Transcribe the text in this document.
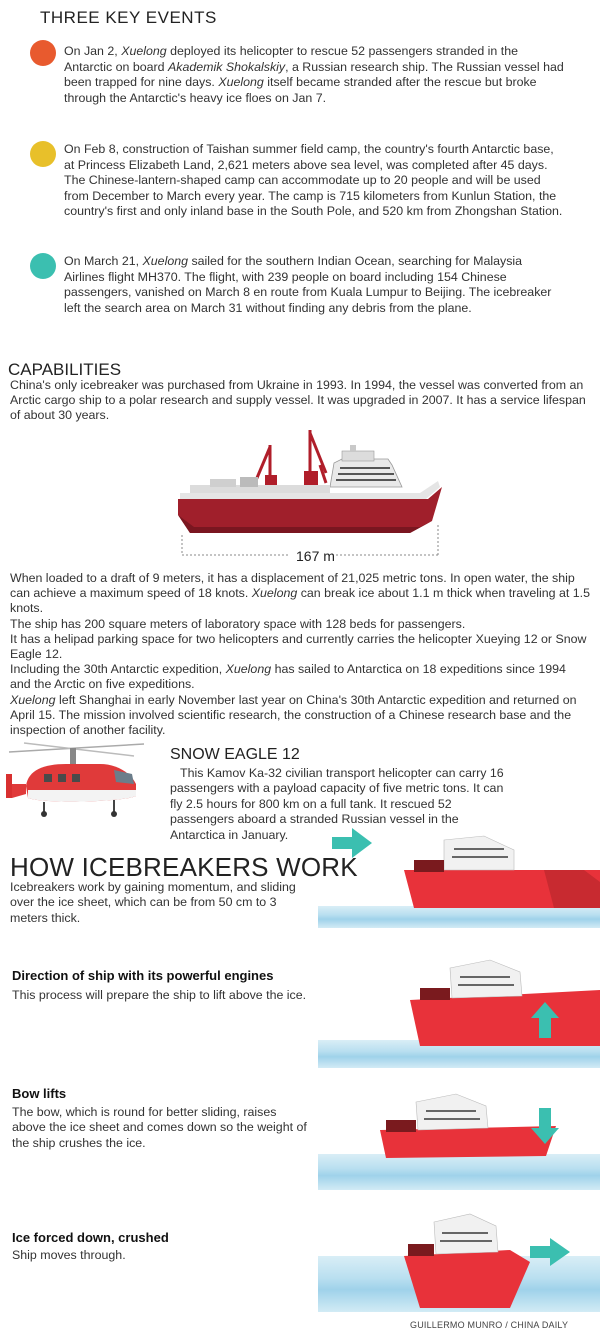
THREE KEY EVENTS
On Jan 2, Xuelong deployed its helicopter to rescue 52 passengers stranded in the Antarctic on board Akademik Shokalskiy, a Russian research ship. The Russian vessel had been trapped for nine days. Xuelong itself became stranded after the rescue but broke through the Antarctic's heavy ice floes on Jan 7.
On Feb 8, construction of Taishan summer field camp, the country's fourth Antarctic base, at Princess Elizabeth Land, 2,621 meters above sea level, was completed after 45 days. The Chinese-lantern-shaped camp can accommodate up to 20 people and will be used from December to March every year. The camp is 715 kilometers from Kunlun Station, the country's first and only inland base in the South Pole, and 520 km from Zhongshan Station.
On March 21, Xuelong sailed for the southern Indian Ocean, searching for Malaysia Airlines flight MH370. The flight, with 239 people on board including 154 Chinese passengers, vanished on March 8 en route from Kuala Lumpur to Beijing. The icebreaker left the search area on March 31 without finding any debris from the plane.
CAPABILITIES
China's only icebreaker was purchased from Ukraine in 1993. In 1994, the vessel was converted from an Arctic cargo ship to a polar research and supply vessel. It was upgraded in 2007. It has a service lifespan of about 30 years.
167 m

When loaded to a draft of 9 meters, it has a displacement of 21,025 metric tons. In open water, the ship can achieve a maximum speed of 18 knots. Xuelong can break ice about 1.1 m thick when traveling at 1.5 knots.

The ship has 200 square meters of laboratory space with 128 beds for passengers.

It has a helipad parking space for two helicopters and currently carries the helicopter Xueying 12 or Snow Eagle 12.

Including the 30th Antarctic expedition, Xuelong has sailed to Antarctica on 18 expeditions since 1994 and the Arctic on five expeditions.

Xuelong left Shanghai in early November last year on China's 30th Antarctic expedition and returned on April 15. The mission involved scientific research, the construction of a Chinese research base and the inspection of another facility.

SNOW EAGLE 12
This Kamov Ka-32 civilian transport helicopter can carry 16 passengers with a payload capacity of five metric tons. It can fly 2.5 hours for 800 km on a full tank. It rescued 52 passengers aboard a stranded Russian vessel in the Antarctica in January.
HOW ICEBREAKERS WORK
Icebreakers work by gaining momentum, and sliding over the ice sheet, which can be from 50 cm to 3 meters thick.
Direction of ship with its powerful engines
This process will prepare the ship to lift above the ice.
Bow lifts
The bow, which is round for better sliding, raises above the ice sheet and comes down so the weight of the ship crushes the ice.
Ice forced down, crushed
Ship moves through.
GUILLERMO MUNRO / CHINA DAILY
